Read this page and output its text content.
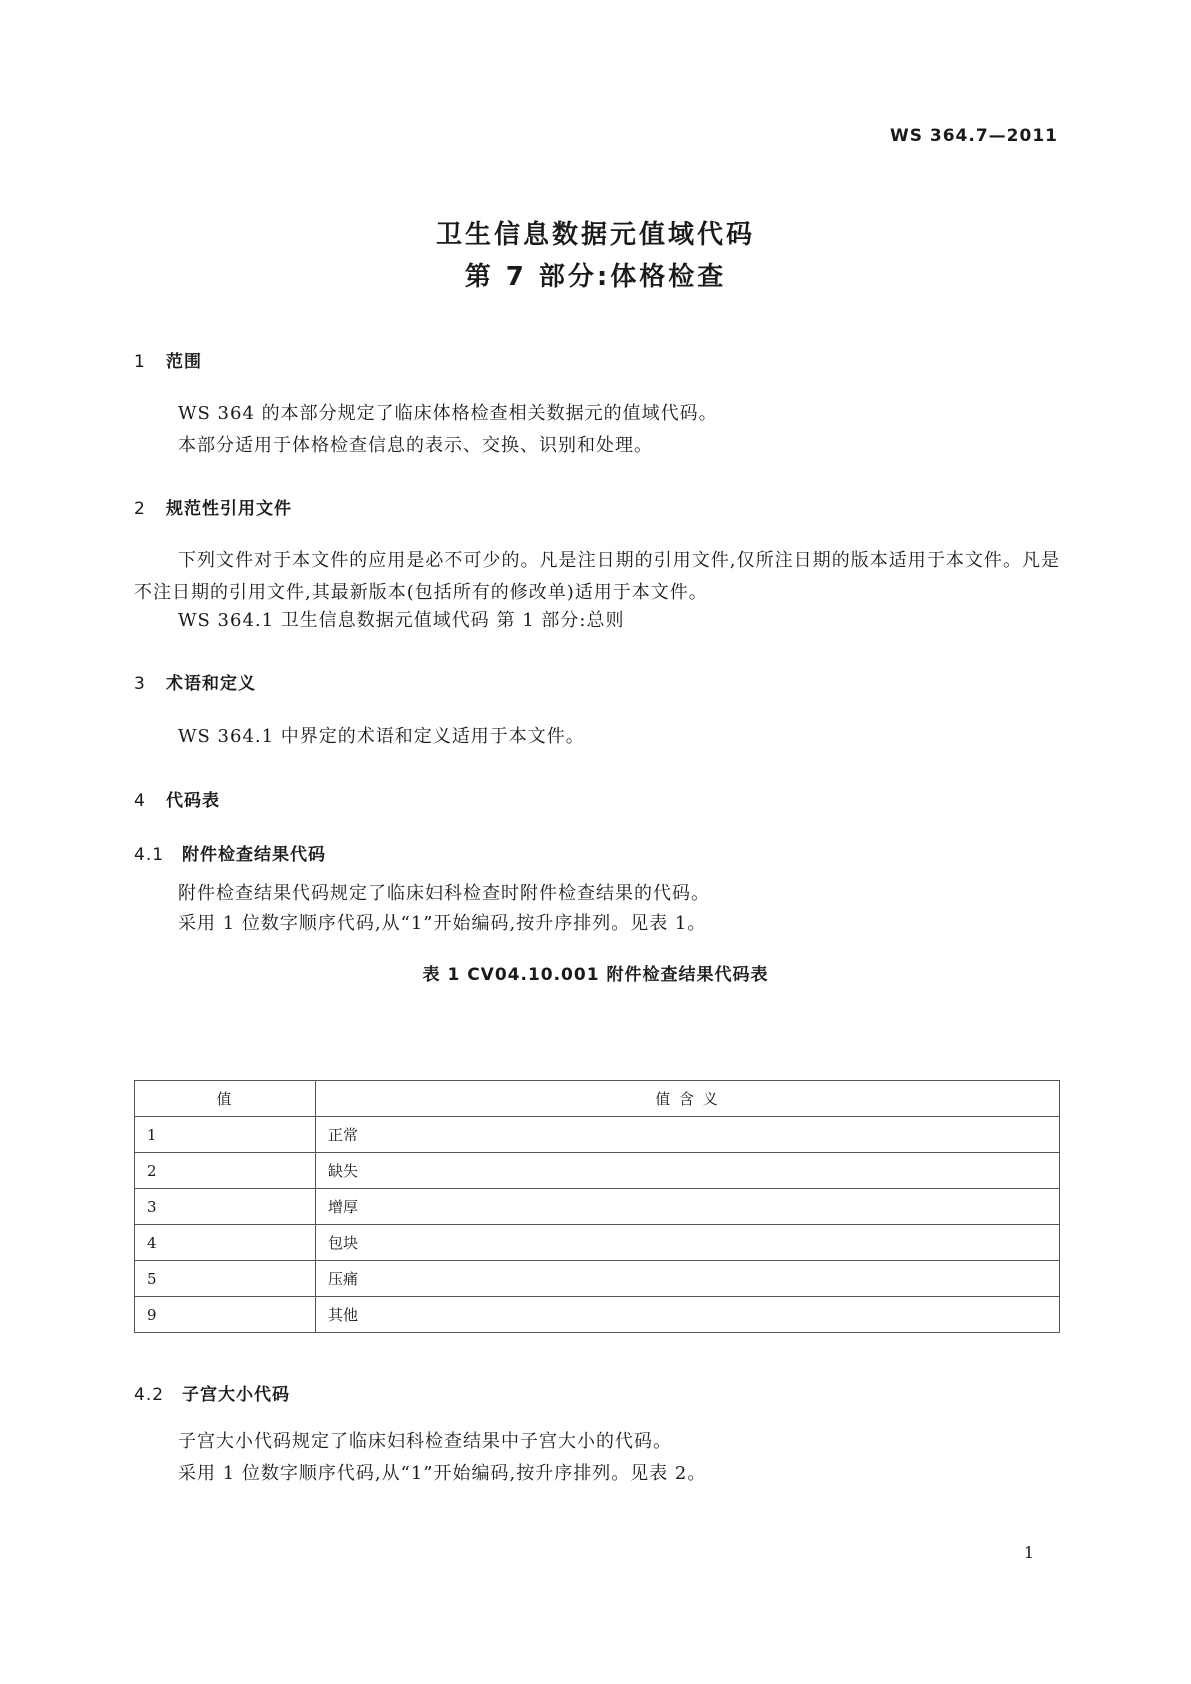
WS 364.7—2011
卫生信息数据元值域代码
第 7 部分:体格检查
1 范围
WS 364 的本部分规定了临床体格检查相关数据元的值域代码。
本部分适用于体格检查信息的表示、交换、识别和处理。
2 规范性引用文件
下列文件对于本文件的应用是必不可少的。凡是注日期的引用文件,仅所注日期的版本适用于本文件。凡是不注日期的引用文件,其最新版本(包括所有的修改单)适用于本文件。
WS 364.1 卫生信息数据元值域代码 第 1 部分:总则
3 术语和定义
WS 364.1 中界定的术语和定义适用于本文件。
4 代码表
4.1 附件检查结果代码
附件检查结果代码规定了临床妇科检查时附件检查结果的代码。
采用 1 位数字顺序代码,从“1”开始编码,按升序排列。见表 1。
表 1 CV04.10.001 附件检查结果代码表
值	值 含 义
1	正常
2	缺失
3	增厚
4	包块
5	压痛
9	其他
4.2 子宫大小代码
子宫大小代码规定了临床妇科检查结果中子宫大小的代码。
采用 1 位数字顺序代码,从“1”开始编码,按升序排列。见表 2。
1
